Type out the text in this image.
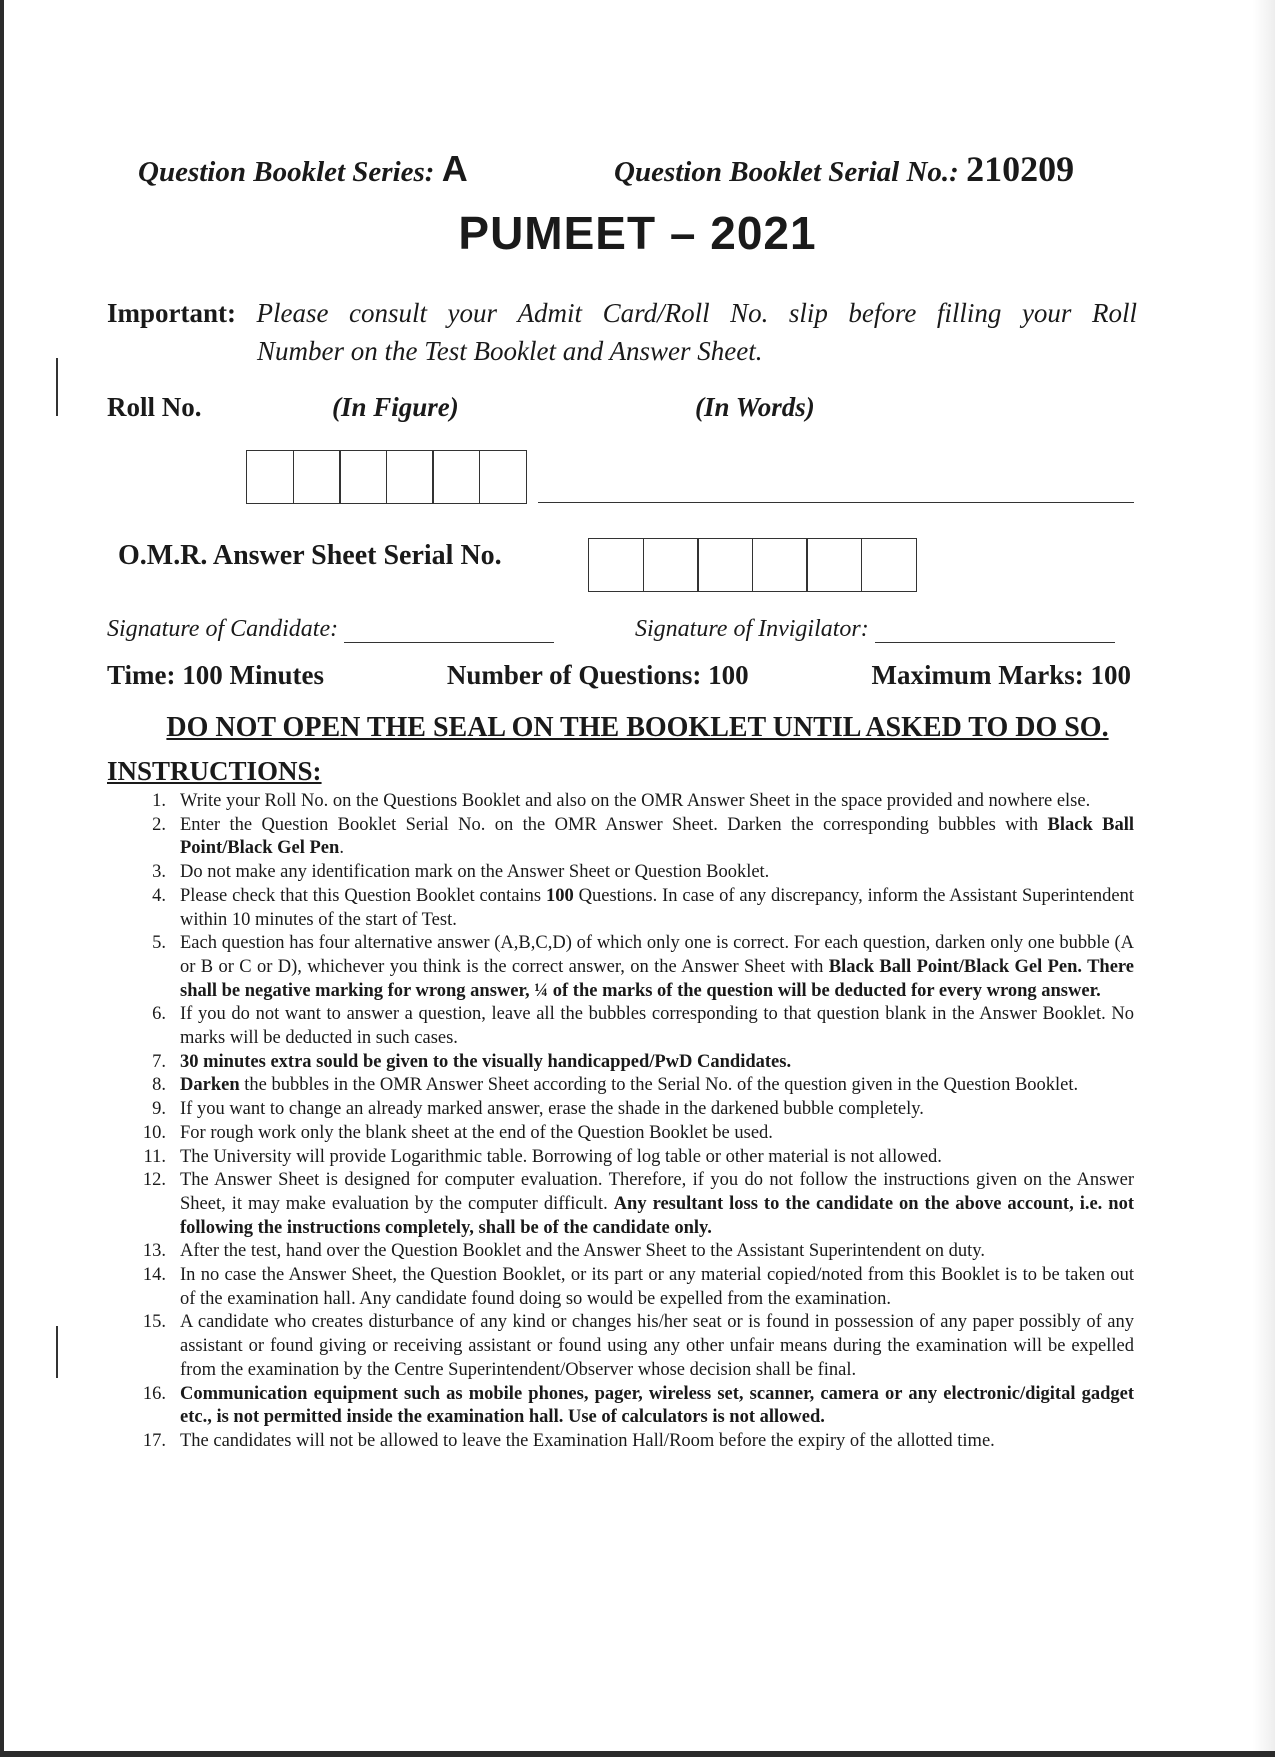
Question Booklet Series: A	Question Booklet Serial No.: 210209
PUMEET – 2021
Important: Please consult your Admit Card/Roll No. slip before filling your Roll
Number on the Test Booklet and Answer Sheet.
Roll No.	(In Figure)	(In Words)
O.M.R. Answer Sheet Serial No.
Signature of Candidate:	Signature of Invigilator:
Time: 100 Minutes	Number of Questions: 100	Maximum Marks: 100
DO NOT OPEN THE SEAL ON THE BOOKLET UNTIL ASKED TO DO SO.
INSTRUCTIONS:
1. Write your Roll No. on the Questions Booklet and also on the OMR Answer Sheet in the space provided and nowhere else.
2. Enter the Question Booklet Serial No. on the OMR Answer Sheet. Darken the corresponding bubbles with Black Ball Point/Black Gel Pen.
3. Do not make any identification mark on the Answer Sheet or Question Booklet.
4. Please check that this Question Booklet contains 100 Questions. In case of any discrepancy, inform the Assistant Superintendent within 10 minutes of the start of Test.
5. Each question has four alternative answer (A,B,C,D) of which only one is correct. For each question, darken only one bubble (A or B or C or D), whichever you think is the correct answer, on the Answer Sheet with Black Ball Point/Black Gel Pen. There shall be negative marking for wrong answer, ¼ of the marks of the question will be deducted for every wrong answer.
6. If you do not want to answer a question, leave all the bubbles corresponding to that question blank in the Answer Booklet. No marks will be deducted in such cases.
7. 30 minutes extra sould be given to the visually handicapped/PwD Candidates.
8. Darken the bubbles in the OMR Answer Sheet according to the Serial No. of the question given in the Question Booklet.
9. If you want to change an already marked answer, erase the shade in the darkened bubble completely.
10. For rough work only the blank sheet at the end of the Question Booklet be used.
11. The University will provide Logarithmic table. Borrowing of log table or other material is not allowed.
12. The Answer Sheet is designed for computer evaluation. Therefore, if you do not follow the instructions given on the Answer Sheet, it may make evaluation by the computer difficult. Any resultant loss to the candidate on the above account, i.e. not following the instructions completely, shall be of the candidate only.
13. After the test, hand over the Question Booklet and the Answer Sheet to the Assistant Superintendent on duty.
14. In no case the Answer Sheet, the Question Booklet, or its part or any material copied/noted from this Booklet is to be taken out of the examination hall. Any candidate found doing so would be expelled from the examination.
15. A candidate who creates disturbance of any kind or changes his/her seat or is found in possession of any paper possibly of any assistant or found giving or receiving assistant or found using any other unfair means during the examination will be expelled from the examination by the Centre Superintendent/Observer whose decision shall be final.
16. Communication equipment such as mobile phones, pager, wireless set, scanner, camera or any electronic/digital gadget etc., is not permitted inside the examination hall. Use of calculators is not allowed.
17. The candidates will not be allowed to leave the Examination Hall/Room before the expiry of the allotted time.
